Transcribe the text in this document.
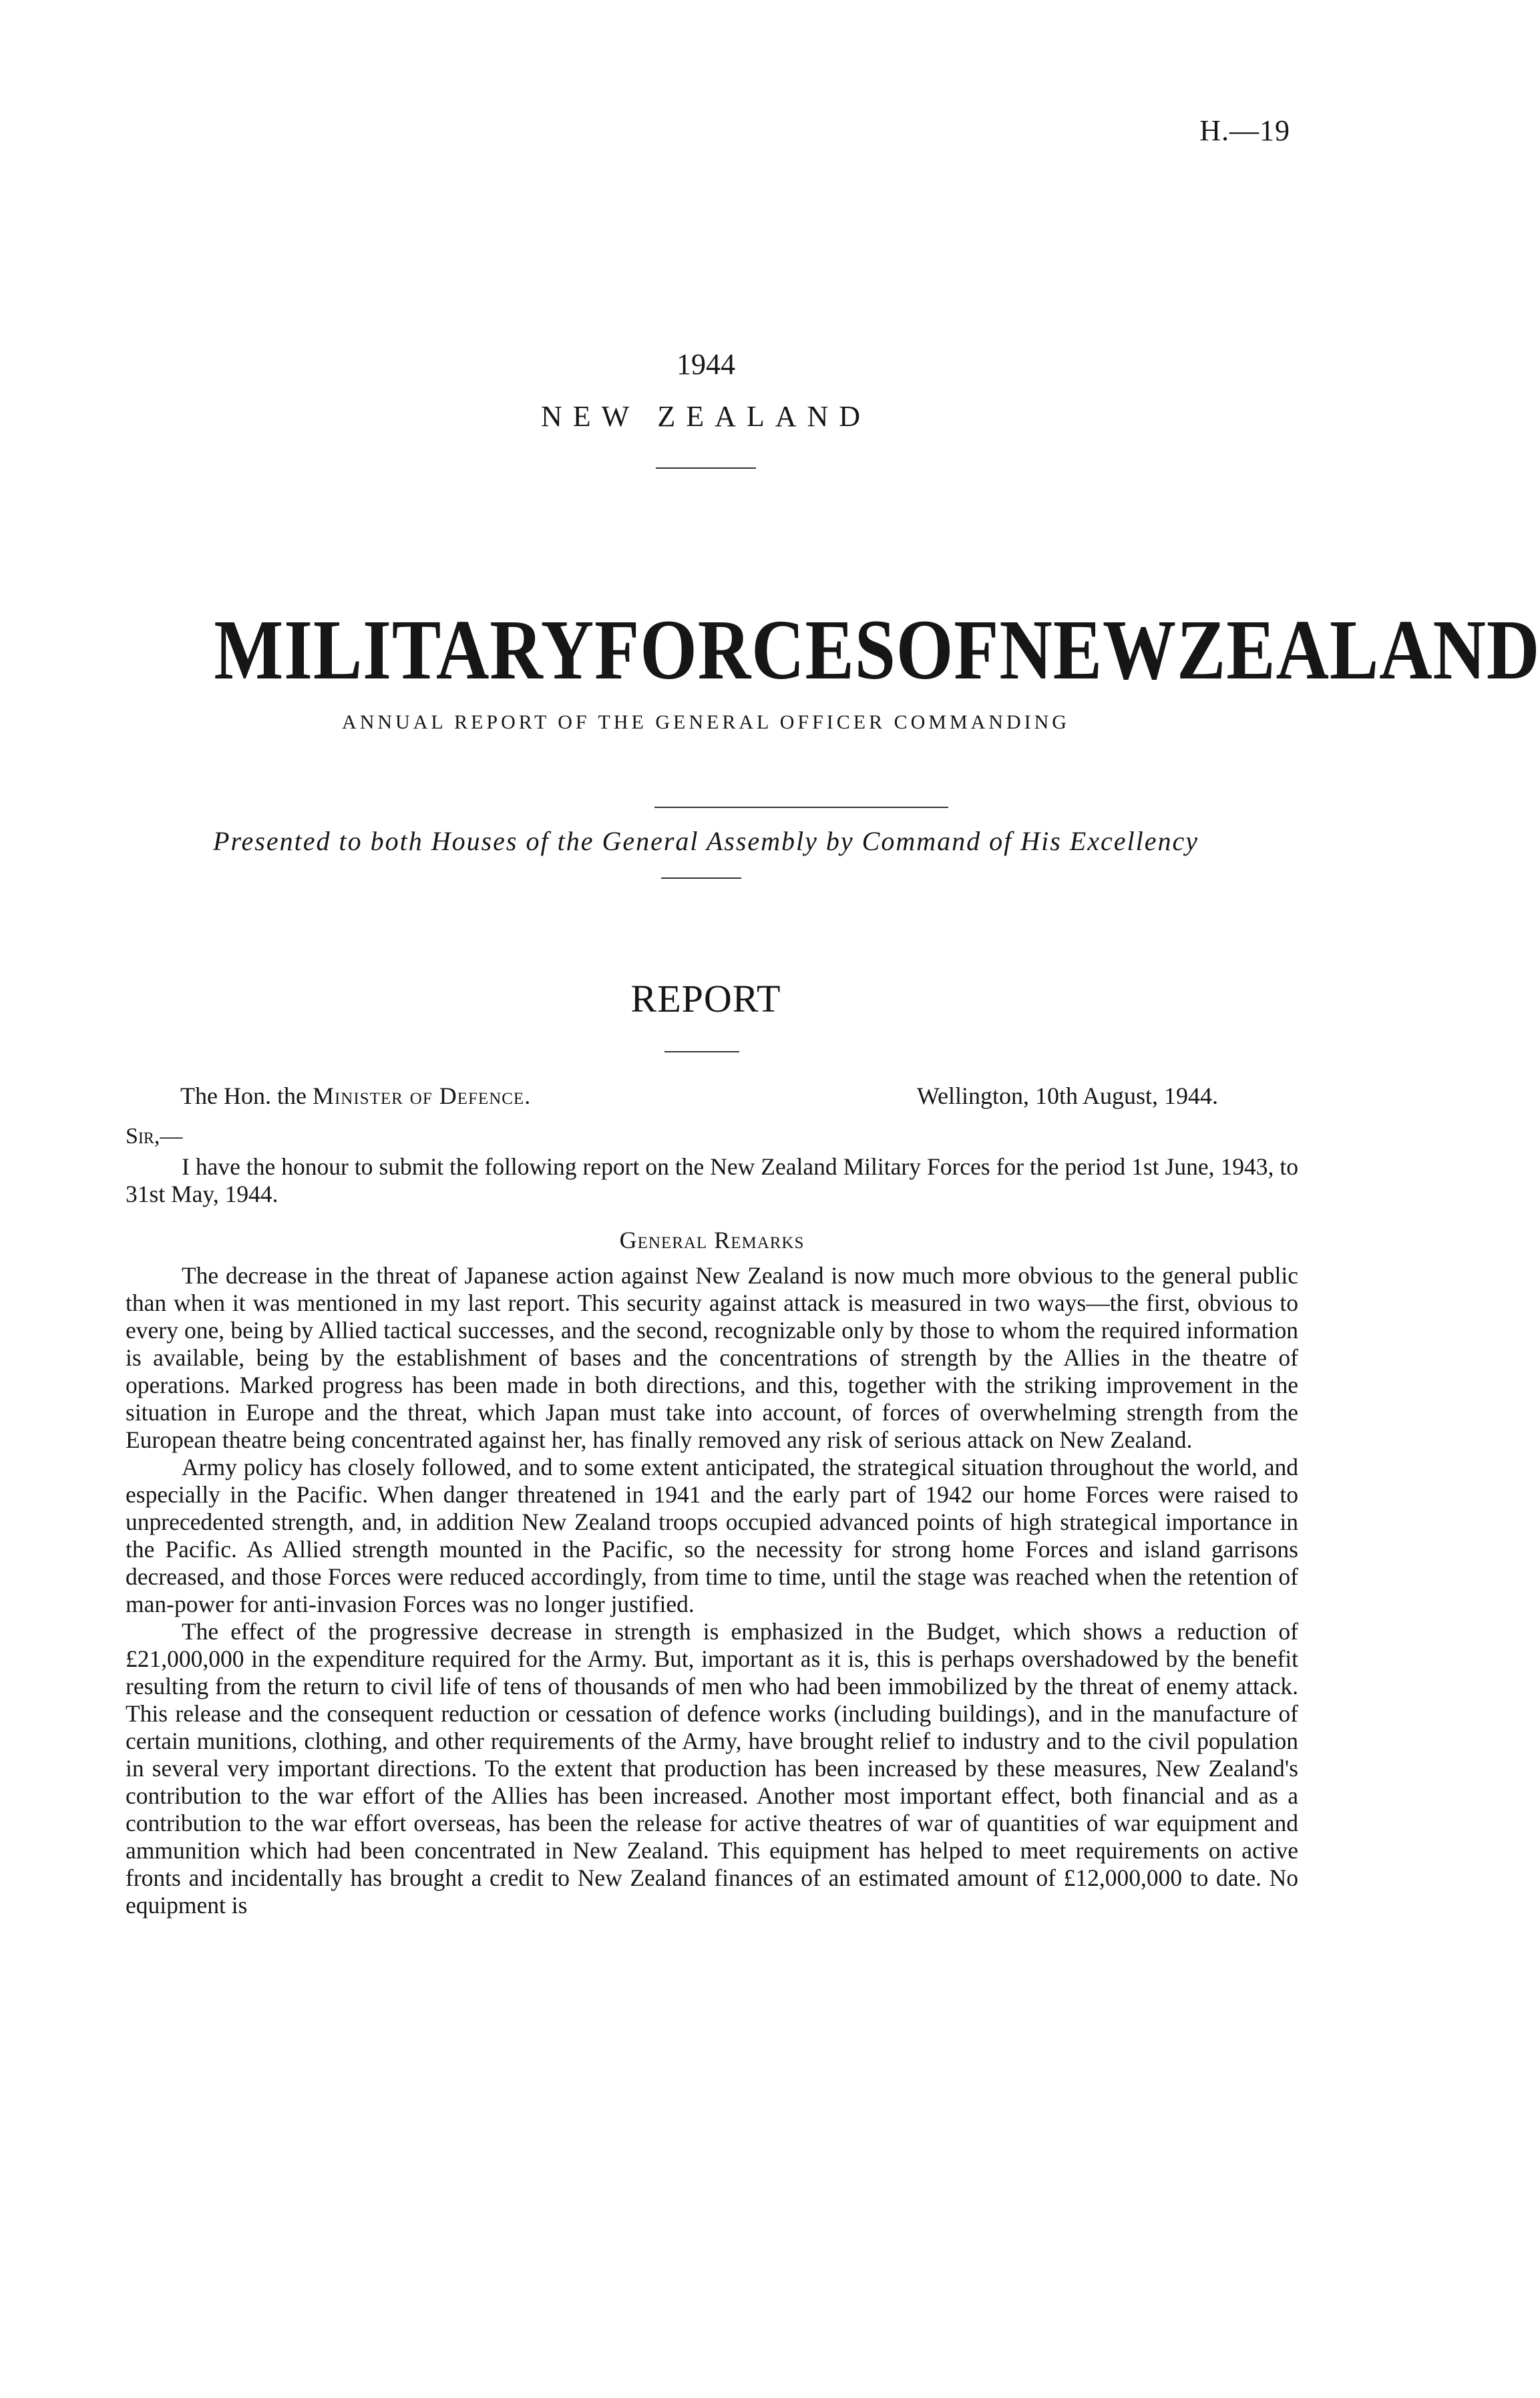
H.—19
1944
NEW ZEALAND
MILITARY FORCES OF NEW ZEALAND
ANNUAL REPORT OF THE GENERAL OFFICER COMMANDING
Presented to both Houses of the General Assembly by Command of His Excellency
REPORT
The Hon. the Minister of Defence.	Wellington, 10th August, 1944.
Sir,—

I have the honour to submit the following report on the New Zealand Military Forces for the period 1st June, 1943, to 31st May, 1944.

General Remarks

The decrease in the threat of Japanese action against New Zealand is now much more obvious to the general public than when it was mentioned in my last report. This security against attack is measured in two ways—the first, obvious to every one, being by Allied tactical successes, and the second, recognizable only by those to whom the required information is available, being by the establishment of bases and the concentrations of strength by the Allies in the theatre of operations. Marked progress has been made in both directions, and this, together with the striking improvement in the situation in Europe and the threat, which Japan must take into account, of forces of overwhelming strength from the European theatre being concentrated against her, has finally removed any risk of serious attack on New Zealand.

Army policy has closely followed, and to some extent anticipated, the strategical situation throughout the world, and especially in the Pacific. When danger threatened in 1941 and the early part of 1942 our home Forces were raised to unprecedented strength, and, in addition New Zealand troops occupied advanced points of high strategical importance in the Pacific. As Allied strength mounted in the Pacific, so the necessity for strong home Forces and island garrisons decreased, and those Forces were reduced accordingly, from time to time, until the stage was reached when the retention of man-power for anti-invasion Forces was no longer justified.

The effect of the progressive decrease in strength is emphasized in the Budget, which shows a reduction of £21,000,000 in the expenditure required for the Army. But, important as it is, this is perhaps overshadowed by the benefit resulting from the return to civil life of tens of thousands of men who had been immobilized by the threat of enemy attack. This release and the consequent reduction or cessation of defence works (including buildings), and in the manufacture of certain munitions, clothing, and other requirements of the Army, have brought relief to industry and to the civil population in several very important directions. To the extent that production has been increased by these measures, New Zealand's contribution to the war effort of the Allies has been increased. Another most important effect, both financial and as a contribution to the war effort overseas, has been the release for active theatres of war of quantities of war equipment and ammunition which had been concentrated in New Zealand. This equipment has helped to meet requirements on active fronts and incidentally has brought a credit to New Zealand finances of an estimated amount of £12,000,000 to date. No equipment is
